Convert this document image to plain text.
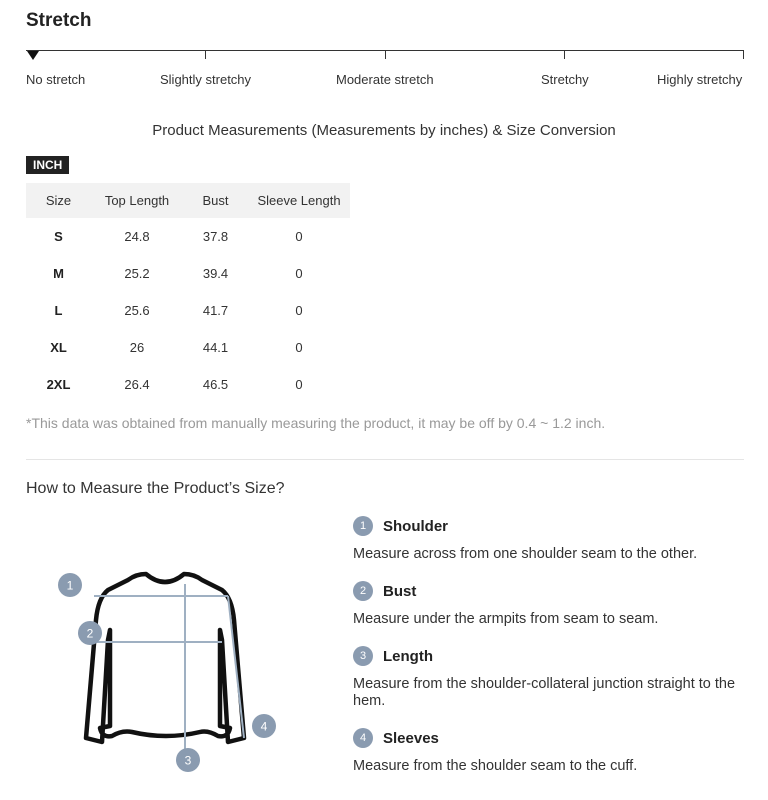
Stretch
No stretch	Slightly stretchy	Moderate stretch	Stretchy	Highly stretchy
Product Measurements (Measurements by inches) & Size Conversion
INCH
Size	Top Length	Bust	Sleeve Length
S	24.8	37.8	0
M	25.2	39.4	0
L	25.6	41.7	0
XL	26	44.1	0
2XL	26.4	46.5	0
*This data was obtained from manually measuring the product, it may be off by 0.4 ~ 1.2 inch.
How to Measure the Product’s Size?
1
2
3
4
1	Shoulder
Measure across from one shoulder seam to the other.
2	Bust
Measure under the armpits from seam to seam.
3	Length
Measure from the shoulder-collateral junction straight to the hem.
4	Sleeves
Measure from the shoulder seam to the cuff.
